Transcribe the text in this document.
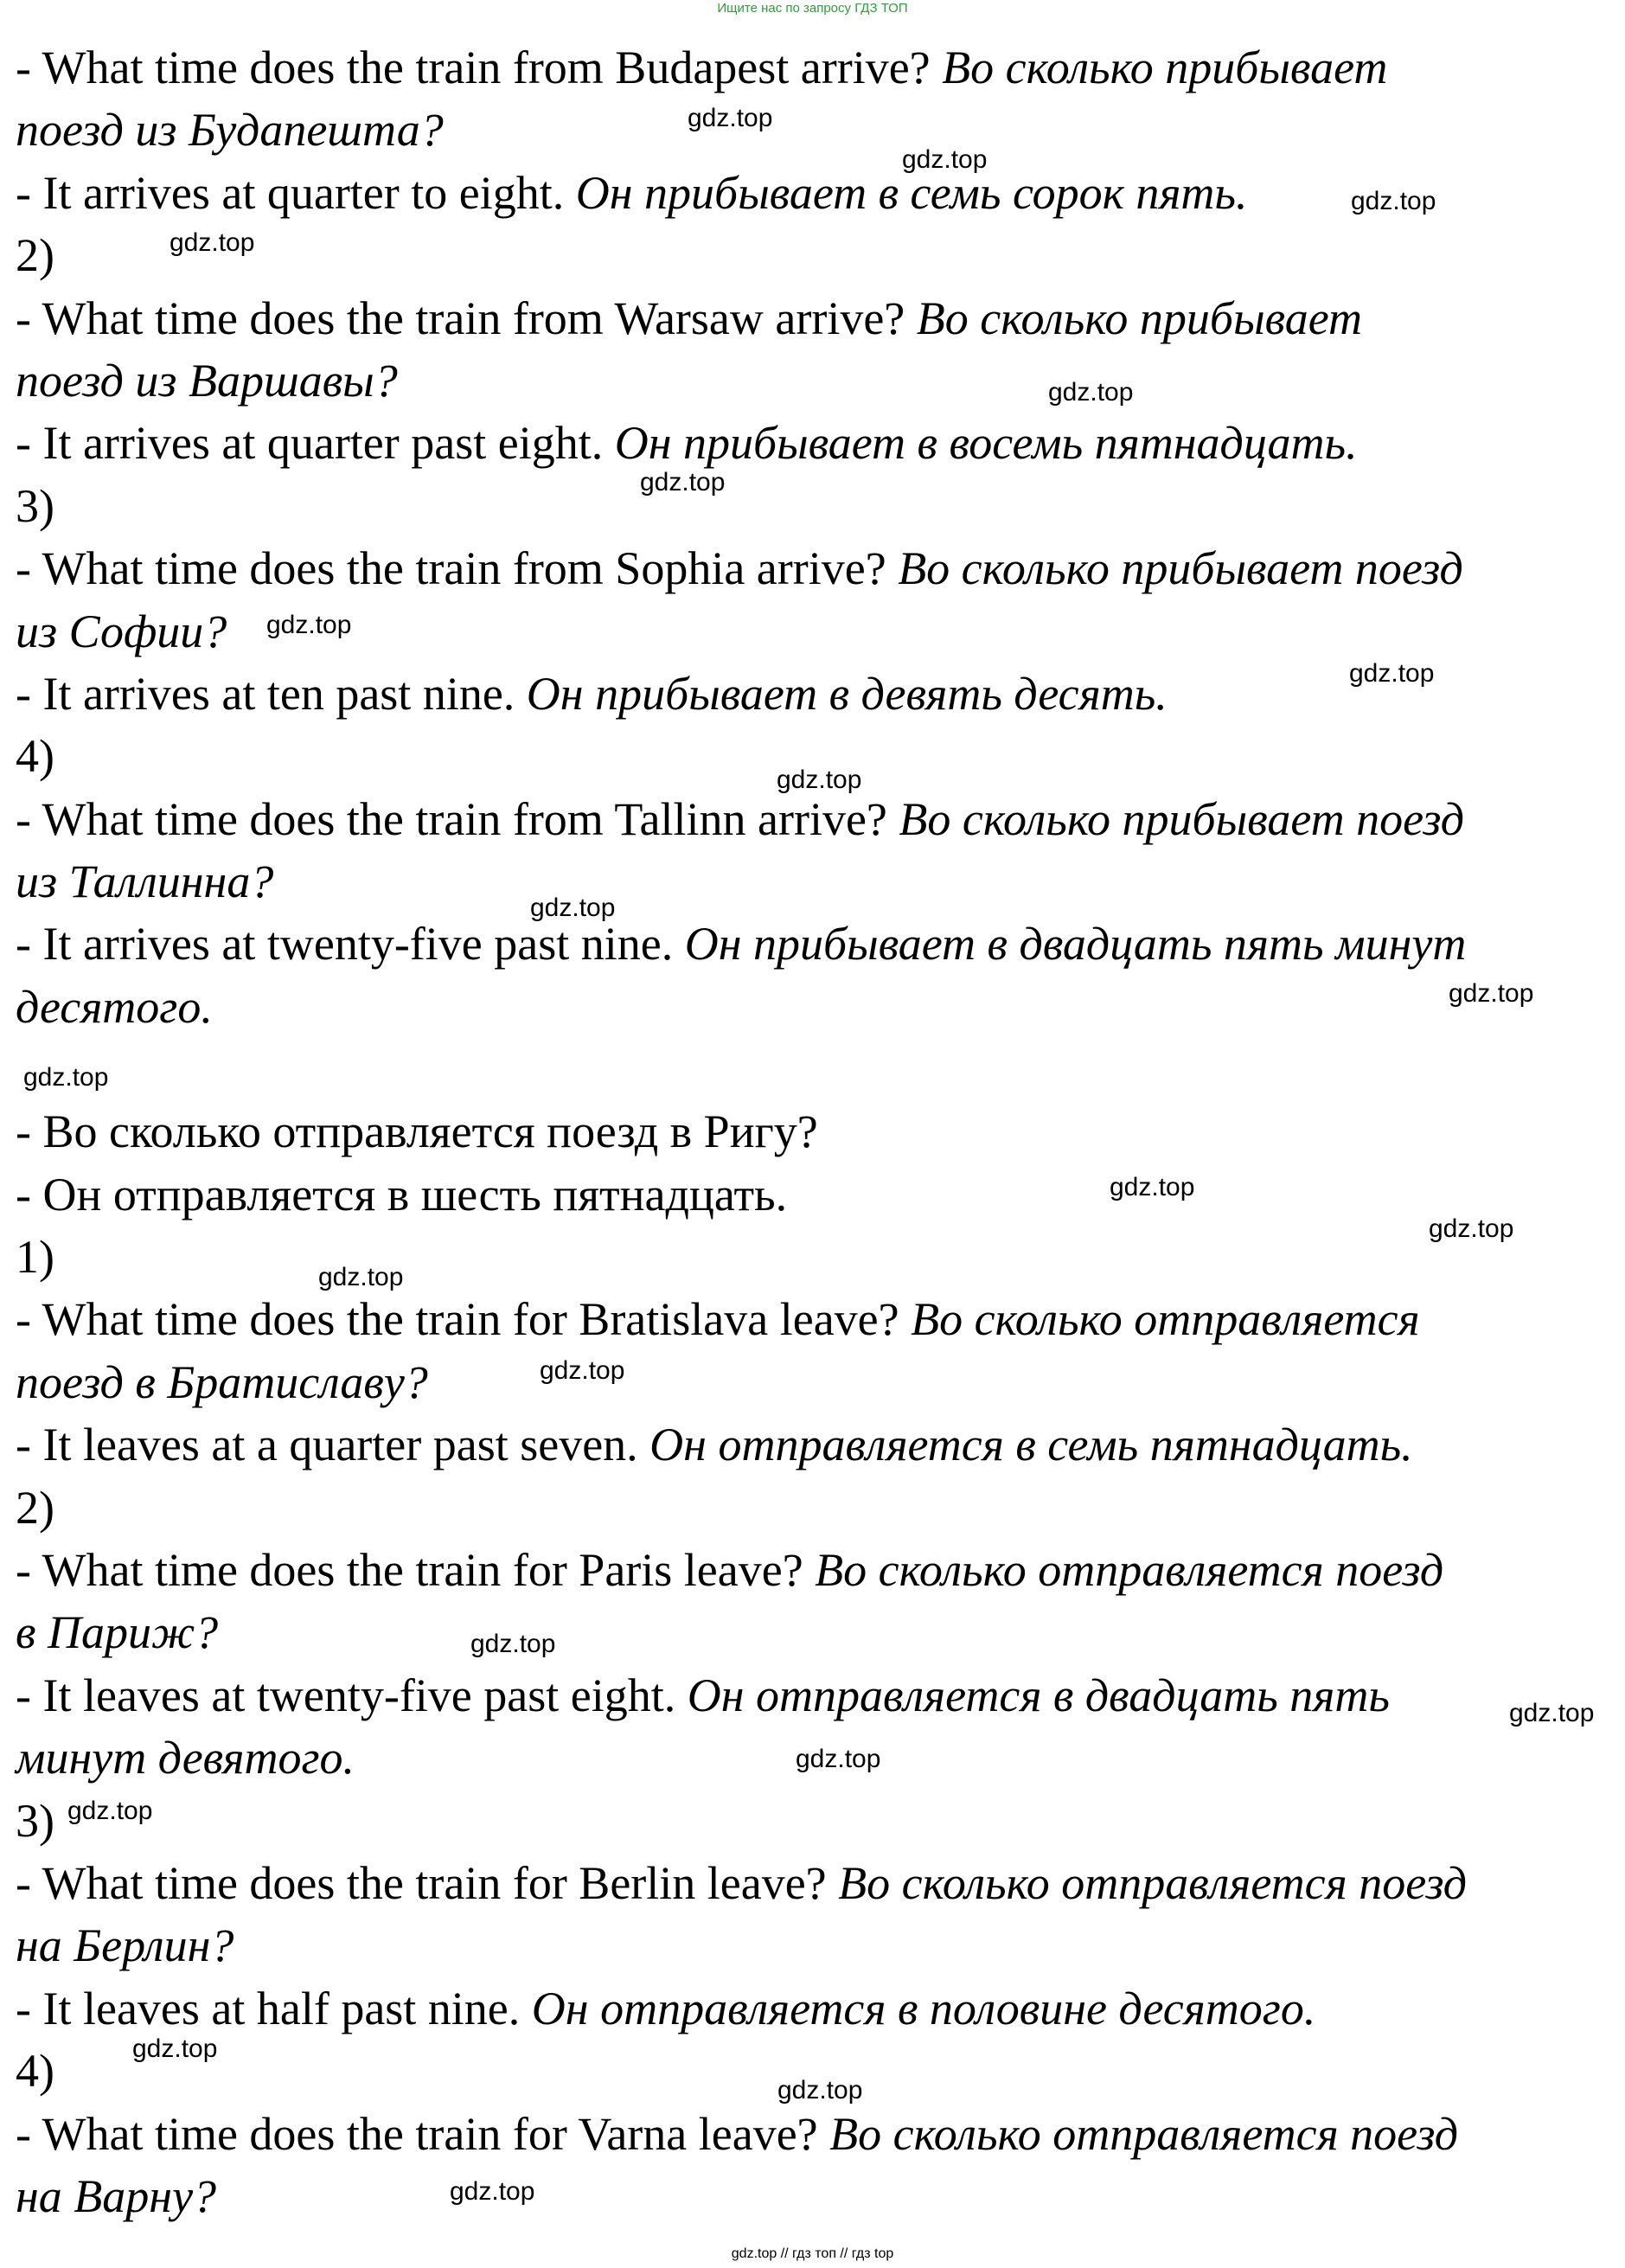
Ищите нас по запросу ГДЗ ТОП
- What time does the train from Budapest arrive? Во сколько прибывает
поезд из Будапешта?
- It arrives at quarter to eight. Он прибывает в семь сорок пять.
2)
- What time does the train from Warsaw arrive? Во сколько прибывает
поезд из Варшавы?
- It arrives at quarter past eight. Он прибывает в восемь пятнадцать.
3)
- What time does the train from Sophia arrive? Во сколько прибывает поезд
из Софии?
- It arrives at ten past nine. Он прибывает в девять десять.
4)
- What time does the train from Tallinn arrive? Во сколько прибывает поезд
из Таллинна?
- It arrives at twenty-five past nine. Он прибывает в двадцать пять минут
десятого.
- Во сколько отправляется поезд в Ригу?
- Он отправляется в шесть пятнадцать.
1)
- What time does the train for Bratislava leave? Во сколько отправляется
поезд в Братиславу?
- It leaves at a quarter past seven. Он отправляется в семь пятнадцать.
2)
- What time does the train for Paris leave? Во сколько отправляется поезд
в Париж?
- It leaves at twenty-five past eight. Он отправляется в двадцать пять
минут девятого.
3)
- What time does the train for Berlin leave? Во сколько отправляется поезд
на Берлин?
- It leaves at half past nine. Он отправляется в половине десятого.
4)
- What time does the train for Varna leave? Во сколько отправляется поезд
на Варну?
gdz.top
gdz.top
gdz.top
gdz.top
gdz.top
gdz.top
gdz.top
gdz.top
gdz.top
gdz.top
gdz.top
gdz.top
gdz.top
gdz.top
gdz.top
gdz.top
gdz.top
gdz.top
gdz.top
gdz.top
gdz.top
gdz.top
gdz.top
gdz.top // гдз топ // гдз top
